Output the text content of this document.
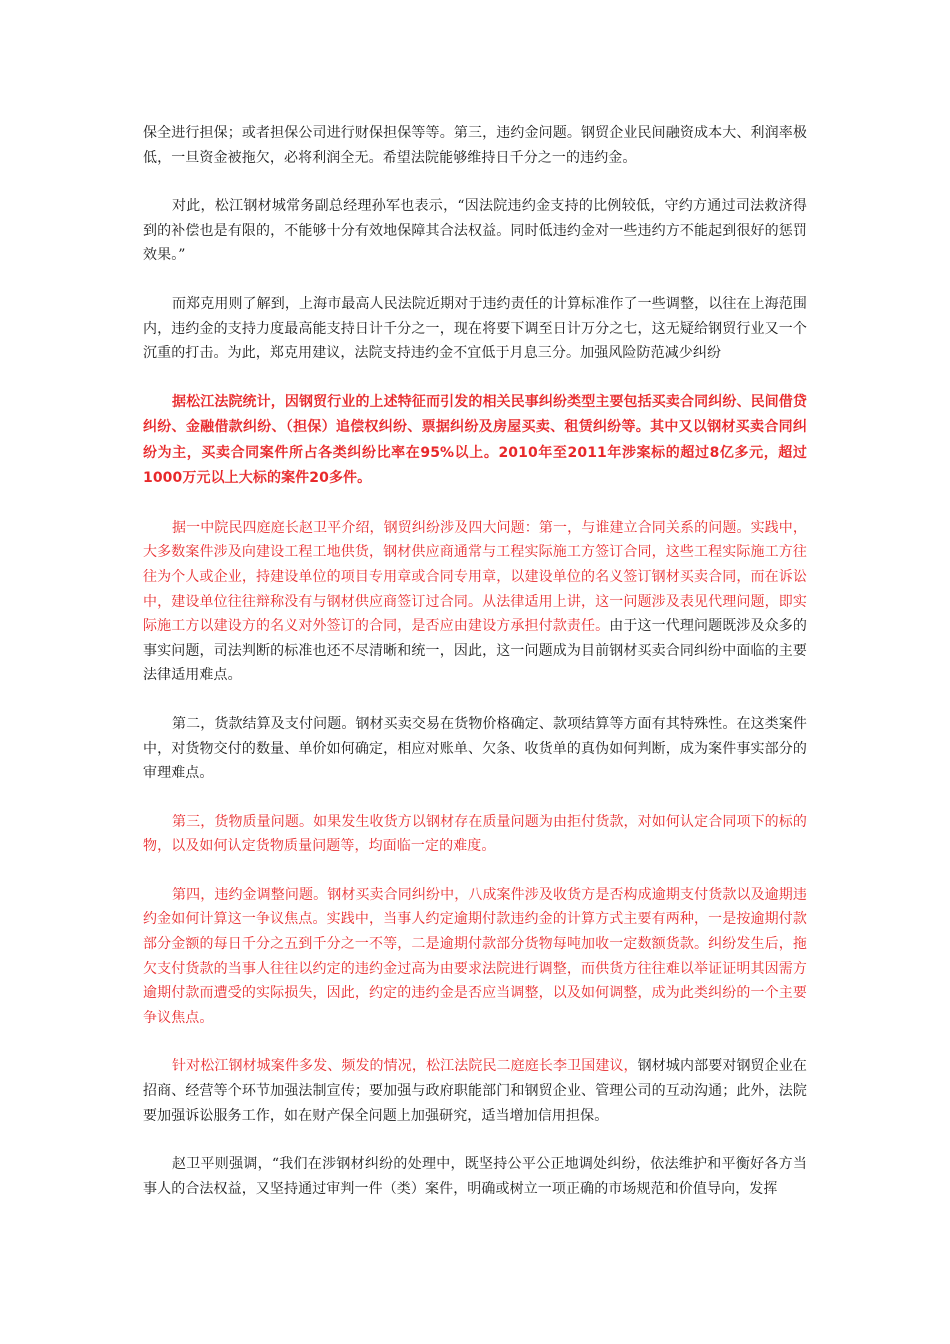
保全进行担保；或者担保公司进行财保担保等等。第三，违约金问题。钢贸企业民间融资成本大、利润率极低，一旦资金被拖欠，必将利润全无。希望法院能够维持日千分之一的违约金。

对此，松江钢材城常务副总经理孙军也表示，“因法院违约金支持的比例较低，守约方通过司法救济得到的补偿也是有限的，不能够十分有效地保障其合法权益。同时低违约金对一些违约方不能起到很好的惩罚效果。”

而郑克用则了解到，上海市最高人民法院近期对于违约责任的计算标准作了一些调整，以往在上海范围内，违约金的支持力度最高能支持日计千分之一，现在将要下调至日计万分之七，这无疑给钢贸行业又一个沉重的打击。为此，郑克用建议，法院支持违约金不宜低于月息三分。加强风险防范减少纠纷

据松江法院统计，因钢贸行业的上述特征而引发的相关民事纠纷类型主要包括买卖合同纠纷、民间借贷纠纷、金融借款纠纷、（担保）追偿权纠纷、票据纠纷及房屋买卖、租赁纠纷等。其中又以钢材买卖合同纠纷为主，买卖合同案件所占各类纠纷比率在95%以上。2010年至2011年涉案标的超过8亿多元，超过1000万元以上大标的案件20多件。

据一中院民四庭庭长赵卫平介绍，钢贸纠纷涉及四大问题：第一，与谁建立合同关系的问题。实践中，大多数案件涉及向建设工程工地供货，钢材供应商通常与工程实际施工方签订合同，这些工程实际施工方往往为个人或企业，持建设单位的项目专用章或合同专用章，以建设单位的名义签订钢材买卖合同，而在诉讼中，建设单位往往辩称没有与钢材供应商签订过合同。从法律适用上讲，这一问题涉及表见代理问题，即实际施工方以建设方的名义对外签订的合同，是否应由建设方承担付款责任。由于这一代理问题既涉及众多的事实问题，司法判断的标准也还不尽清晰和统一，因此，这一问题成为目前钢材买卖合同纠纷中面临的主要法律适用难点。

第二，货款结算及支付问题。钢材买卖交易在货物价格确定、款项结算等方面有其特殊性。在这类案件中，对货物交付的数量、单价如何确定，相应对账单、欠条、收货单的真伪如何判断，成为案件事实部分的审理难点。

第三，货物质量问题。如果发生收货方以钢材存在质量问题为由拒付货款，对如何认定合同项下的标的物，以及如何认定货物质量问题等，均面临一定的难度。

第四，违约金调整问题。钢材买卖合同纠纷中，八成案件涉及收货方是否构成逾期支付货款以及逾期违约金如何计算这一争议焦点。实践中，当事人约定逾期付款违约金的计算方式主要有两种，一是按逾期付款部分金额的每日千分之五到千分之一不等，二是逾期付款部分货物每吨加收一定数额货款。纠纷发生后，拖欠支付货款的当事人往往以约定的违约金过高为由要求法院进行调整，而供货方往往难以举证证明其因需方逾期付款而遭受的实际损失，因此，约定的违约金是否应当调整，以及如何调整，成为此类纠纷的一个主要争议焦点。

针对松江钢材城案件多发、频发的情况，松江法院民二庭庭长李卫国建议，钢材城内部要对钢贸企业在招商、经营等个环节加强法制宣传；要加强与政府职能部门和钢贸企业、管理公司的互动沟通；此外，法院要加强诉讼服务工作，如在财产保全问题上加强研究，适当增加信用担保。

赵卫平则强调，“我们在涉钢材纠纷的处理中，既坚持公平公正地调处纠纷，依法维护和平衡好各方当事人的合法权益，又坚持通过审判一件（类）案件，明确或树立一项正确的市场规范和价值导向，发挥
